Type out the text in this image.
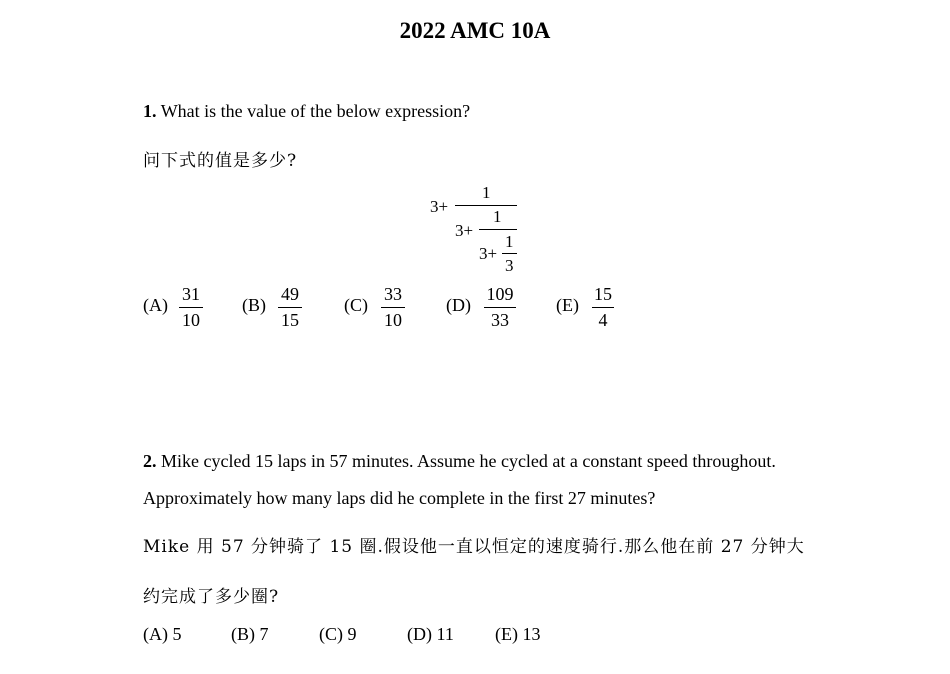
2022 AMC 10A
1. What is the value of the below expression?
问下式的值是多少?
3+
1
3+
1
3+
1
3
$(A) \frac{31}{10} (B) \frac{49}{15} (C) \frac{33}{10} (D) \frac{109}{33} (E) \frac{15}{4}$
2. Mike cycled 15 laps in 57 minutes. Assume he cycled at a constant speed throughout.
Approximately how many laps did he complete in the first 27 minutes?
Mike 用 57 分钟骑了 15 圈.假设他一直以恒定的速度骑行.那么他在前 27 分钟大
约完成了多少圈?
(A) 5	(B) 7	(C) 9	(D) 11 (E) 13
